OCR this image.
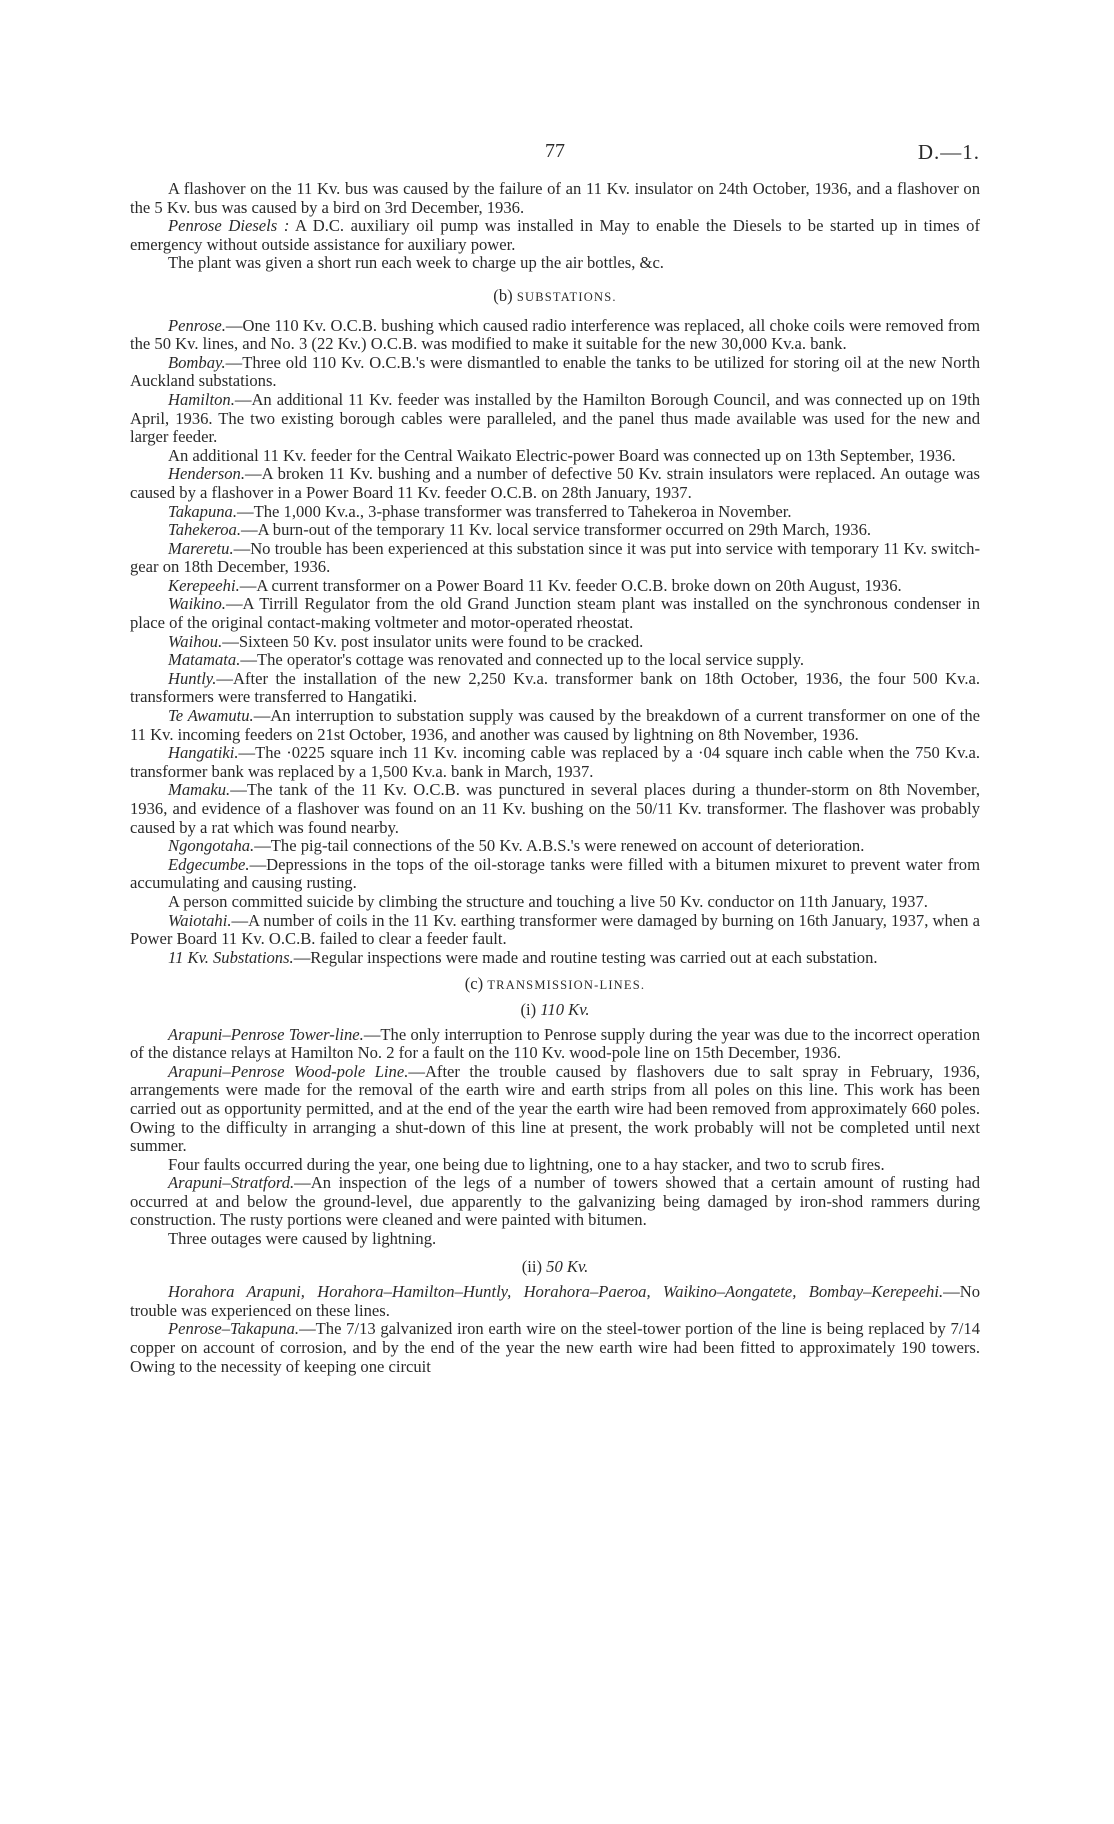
77	D.—1.

A flashover on the 11 Kv. bus was caused by the failure of an 11 Kv. insulator on 24th October, 1936, and a flashover on the 5 Kv. bus was caused by a bird on 3rd December, 1936.

Penrose Diesels : A D.C. auxiliary oil pump was installed in May to enable the Diesels to be started up in times of emergency without outside assistance for auxiliary power.

The plant was given a short run each week to charge up the air bottles, &c.

(b) SUBSTATIONS.

Penrose.—One 110 Kv. O.C.B. bushing which caused radio interference was replaced, all choke coils were removed from the 50 Kv. lines, and No. 3 (22 Kv.) O.C.B. was modified to make it suitable for the new 30,000 Kv.a. bank.

Bombay.—Three old 110 Kv. O.C.B.'s were dismantled to enable the tanks to be utilized for storing oil at the new North Auckland substations.

Hamilton.—An additional 11 Kv. feeder was installed by the Hamilton Borough Council, and was connected up on 19th April, 1936. The two existing borough cables were paralleled, and the panel thus made available was used for the new and larger feeder.

An additional 11 Kv. feeder for the Central Waikato Electric-power Board was connected up on 13th September, 1936.

Henderson.—A broken 11 Kv. bushing and a number of defective 50 Kv. strain insulators were replaced. An outage was caused by a flashover in a Power Board 11 Kv. feeder O.C.B. on 28th January, 1937.

Takapuna.—The 1,000 Kv.a., 3-phase transformer was transferred to Tahekeroa in November.

Tahekeroa.—A burn-out of the temporary 11 Kv. local service transformer occurred on 29th March, 1936.

Mareretu.—No trouble has been experienced at this substation since it was put into service with temporary 11 Kv. switch-gear on 18th December, 1936.

Kerepeehi.—A current transformer on a Power Board 11 Kv. feeder O.C.B. broke down on 20th August, 1936.

Waikino.—A Tirrill Regulator from the old Grand Junction steam plant was installed on the synchronous condenser in place of the original contact-making voltmeter and motor-operated rheostat.

Waihou.—Sixteen 50 Kv. post insulator units were found to be cracked.

Matamata.—The operator's cottage was renovated and connected up to the local service supply.

Huntly.—After the installation of the new 2,250 Kv.a. transformer bank on 18th October, 1936, the four 500 Kv.a. transformers were transferred to Hangatiki.

Te Awamutu.—An interruption to substation supply was caused by the breakdown of a current transformer on one of the 11 Kv. incoming feeders on 21st October, 1936, and another was caused by lightning on 8th November, 1936.

Hangatiki.—The ·0225 square inch 11 Kv. incoming cable was replaced by a ·04 square inch cable when the 750 Kv.a. transformer bank was replaced by a 1,500 Kv.a. bank in March, 1937.

Mamaku.—The tank of the 11 Kv. O.C.B. was punctured in several places during a thunder-storm on 8th November, 1936, and evidence of a flashover was found on an 11 Kv. bushing on the 50/11 Kv. transformer. The flashover was probably caused by a rat which was found nearby.

Ngongotaha.—The pig-tail connections of the 50 Kv. A.B.S.'s were renewed on account of deterioration.

Edgecumbe.—Depressions in the tops of the oil-storage tanks were filled with a bitumen mixuret to prevent water from accumulating and causing rusting.

A person committed suicide by climbing the structure and touching a live 50 Kv. conductor on 11th January, 1937.

Waiotahi.—A number of coils in the 11 Kv. earthing transformer were damaged by burning on 16th January, 1937, when a Power Board 11 Kv. O.C.B. failed to clear a feeder fault.

11 Kv. Substations.—Regular inspections were made and routine testing was carried out at each substation.

(c) TRANSMISSION-LINES.

(i) 110 Kv.

Arapuni–Penrose Tower-line.—The only interruption to Penrose supply during the year was due to the incorrect operation of the distance relays at Hamilton No. 2 for a fault on the 110 Kv. wood-pole line on 15th December, 1936.

Arapuni–Penrose Wood-pole Line.—After the trouble caused by flashovers due to salt spray in February, 1936, arrangements were made for the removal of the earth wire and earth strips from all poles on this line. This work has been carried out as opportunity permitted, and at the end of the year the earth wire had been removed from approximately 660 poles. Owing to the difficulty in arranging a shut-down of this line at present, the work probably will not be completed until next summer.

Four faults occurred during the year, one being due to lightning, one to a hay stacker, and two to scrub fires.

Arapuni–Stratford.—An inspection of the legs of a number of towers showed that a certain amount of rusting had occurred at and below the ground-level, due apparently to the galvanizing being damaged by iron-shod rammers during construction. The rusty portions were cleaned and were painted with bitumen.

Three outages were caused by lightning.

(ii) 50 Kv.

Horahora Arapuni, Horahora–Hamilton–Huntly, Horahora–Paeroa, Waikino–Aongatete, Bombay–Kerepeehi.—No trouble was experienced on these lines.

Penrose–Takapuna.—The 7/13 galvanized iron earth wire on the steel-tower portion of the line is being replaced by 7/14 copper on account of corrosion, and by the end of the year the new earth wire had been fitted to approximately 190 towers. Owing to the necessity of keeping one circuit
